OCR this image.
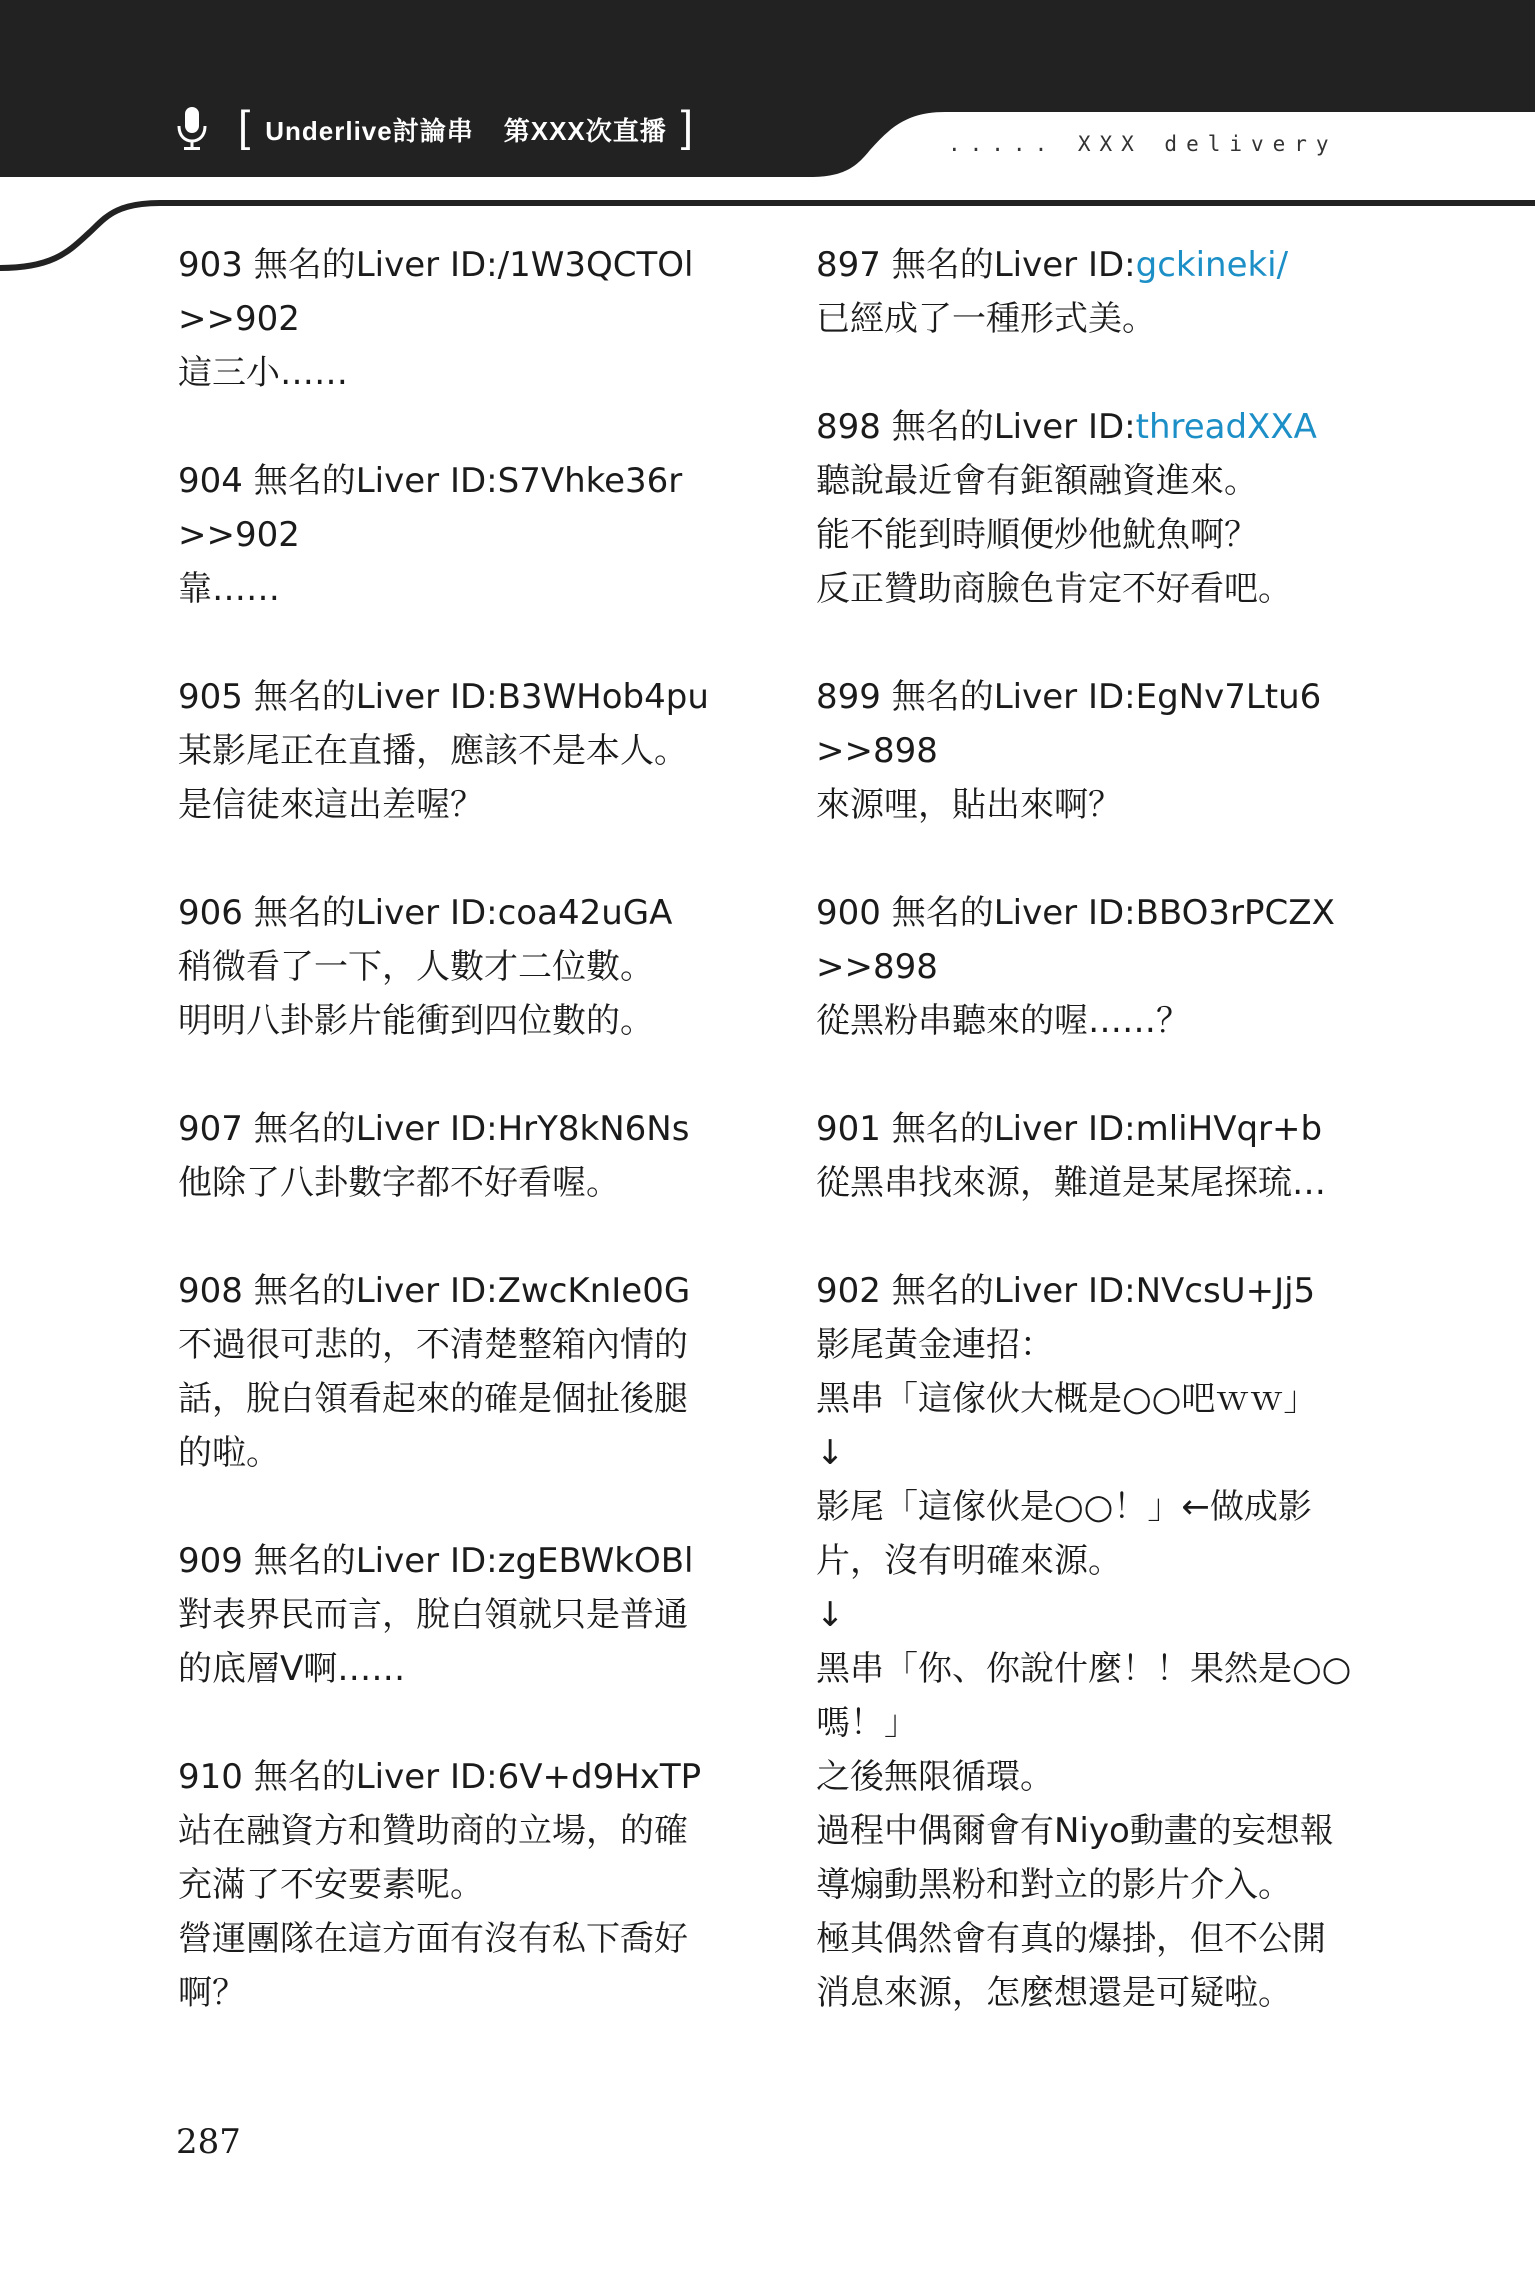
[ Underlive討論串 第XXX次直播 ]	..... XXX delivery
903 無名的Liver ID:/1W3QCTOl
>>902
這三小……
904 無名的Liver ID:S7Vhke36r
>>902
靠……
905 無名的Liver ID:B3WHob4pu
某影尾正在直播，應該不是本人。
是信徒來這出差喔？
906 無名的Liver ID:coa42uGA
稍微看了一下，人數才二位數。
明明八卦影片能衝到四位數的。
907 無名的Liver ID:HrY8kN6Ns
他除了八卦數字都不好看喔。
908 無名的Liver ID:ZwcKnIe0G
不過很可悲的，不清楚整箱內情的
話，脫白領看起來的確是個扯後腿
的啦。
909 無名的Liver ID:zgEBWkOBl
對表界民而言，脫白領就只是普通
的底層V啊……
910 無名的Liver ID:6V+d9HxTP
站在融資方和贊助商的立場，的確
充滿了不安要素呢。
營運團隊在這方面有沒有私下喬好
啊？
897 無名的Liver ID:gckineki/
已經成了一種形式美。
898 無名的Liver ID:threadXXA
聽說最近會有鉅額融資進來。
能不能到時順便炒他魷魚啊？
反正贊助商臉色肯定不好看吧。
899 無名的Liver ID:EgNv7Ltu6
>>898
來源哩，貼出來啊？
900 無名的Liver ID:BBO3rPCZX
>>898
從黑粉串聽來的喔……？
901 無名的Liver ID:mliHVqr+b
從黑串找來源，難道是某尾探琉…
902 無名的Liver ID:NVcsU+Jj5
影尾黃金連招：
黑串「這傢伙大概是○○吧ｗｗ」
↓
影尾「這傢伙是○○！」←做成影
片，沒有明確來源。
↓
黑串「你、你說什麼！！果然是○○
嗎！」
之後無限循環。
過程中偶爾會有Niyo動畫的妄想報
導煽動黑粉和對立的影片介入。
極其偶然會有真的爆掛，但不公開
消息來源，怎麼想還是可疑啦。
287
